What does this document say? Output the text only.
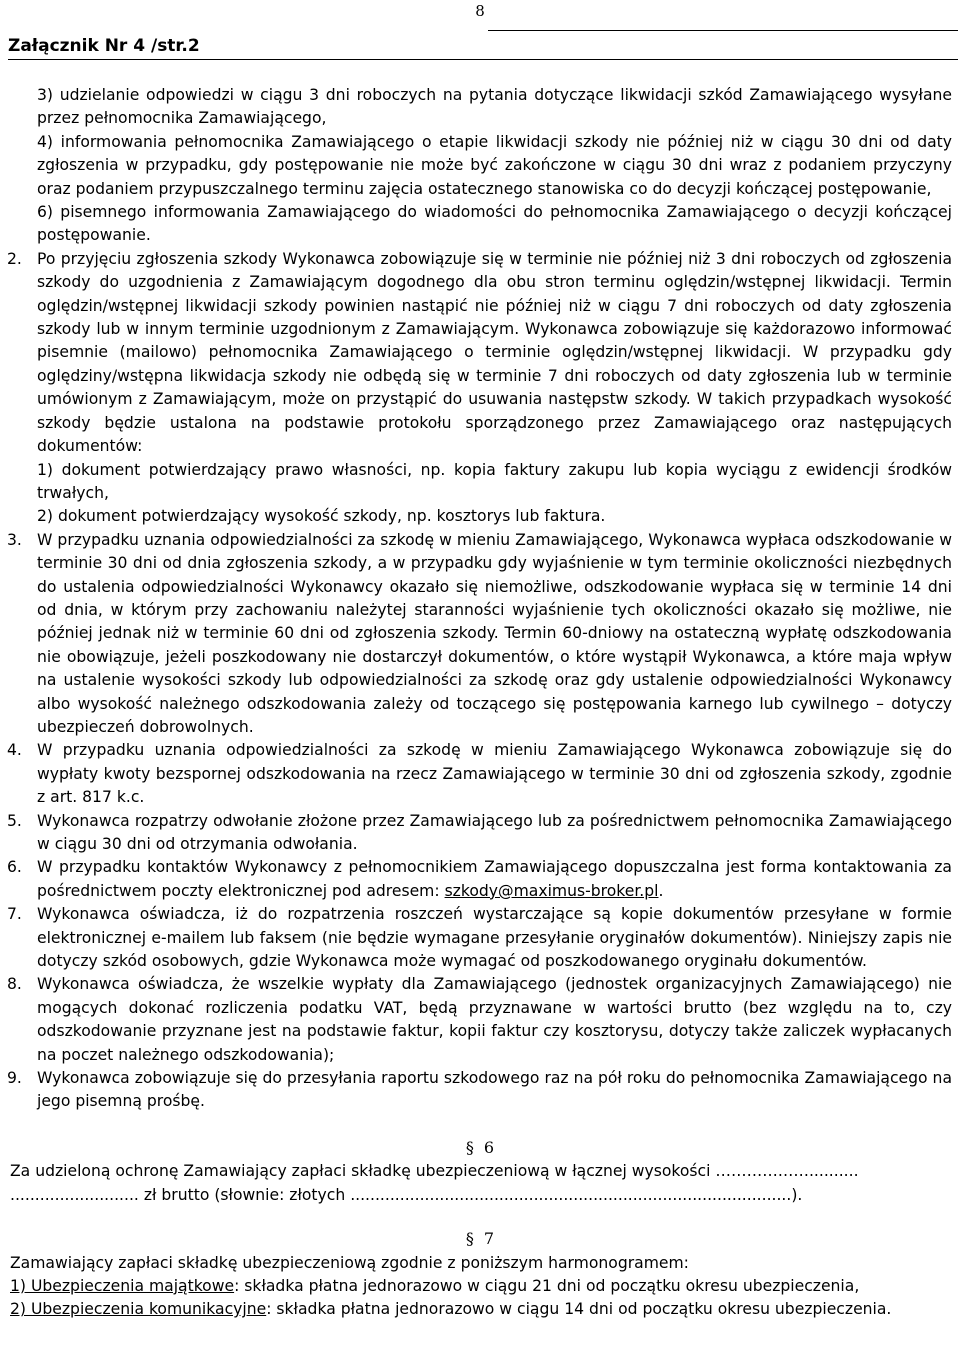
8
Załącznik Nr 4 /str.2
3) udzielanie odpowiedzi w ciągu 3 dni roboczych na pytania dotyczące likwidacji szkód Zamawiającego wysyłane przez pełnomocnika Zamawiającego,
4) informowania pełnomocnika Zamawiającego o etapie likwidacji szkody nie później niż w ciągu 30 dni od daty zgłoszenia w przypadku, gdy postępowanie nie może być zakończone w ciągu 30 dni wraz z podaniem przyczyny oraz podaniem przypuszczalnego terminu zajęcia ostatecznego stanowiska co do decyzji kończącej postępowanie,
6) pisemnego informowania Zamawiającego do wiadomości do pełnomocnika Zamawiającego o decyzji kończącej postępowanie.
2. Po przyjęciu zgłoszenia szkody Wykonawca zobowiązuje się w terminie nie później niż 3 dni roboczych od zgłoszenia szkody do uzgodnienia z Zamawiającym dogodnego dla obu stron terminu oględzin/wstępnej likwidacji. Termin oględzin/wstępnej likwidacji szkody powinien nastąpić nie później niż w ciągu 7 dni roboczych od daty zgłoszenia szkody lub w innym terminie uzgodnionym z Zamawiającym. Wykonawca zobowiązuje się każdorazowo informować pisemnie (mailowo) pełnomocnika Zamawiającego o terminie oględzin/wstępnej likwidacji. W przypadku gdy oględziny/wstępna likwidacja szkody nie odbędą się w terminie 7 dni roboczych od daty zgłoszenia lub w terminie umówionym z Zamawiającym, może on przystąpić do usuwania następstw szkody. W takich przypadkach wysokość szkody będzie ustalona na podstawie protokołu sporządzonego przez Zamawiającego oraz następujących dokumentów:
1) dokument potwierdzający prawo własności, np. kopia faktury zakupu lub kopia wyciągu z ewidencji środków trwałych,
2) dokument potwierdzający wysokość szkody, np. kosztorys lub faktura.
3. W przypadku uznania odpowiedzialności za szkodę w mieniu Zamawiającego, Wykonawca wypłaca odszkodowanie w terminie 30 dni od dnia zgłoszenia szkody, a w przypadku gdy wyjaśnienie w tym terminie okoliczności niezbędnych do ustalenia odpowiedzialności Wykonawcy okazało się niemożliwe, odszkodowanie wypłaca się w terminie 14 dni od dnia, w którym przy zachowaniu należytej staranności wyjaśnienie tych okoliczności okazało się możliwe, nie później jednak niż w terminie 60 dni od zgłoszenia szkody. Termin 60-dniowy na ostateczną wypłatę odszkodowania nie obowiązuje, jeżeli poszkodowany nie dostarczył dokumentów, o które wystąpił Wykonawca, a które maja wpływ na ustalenie wysokości szkody lub odpowiedzialności za szkodę oraz gdy ustalenie odpowiedzialności Wykonawcy albo wysokość należnego odszkodowania zależy od toczącego się postępowania karnego lub cywilnego – dotyczy ubezpieczeń dobrowolnych.
4. W przypadku uznania odpowiedzialności za szkodę w mieniu Zamawiającego Wykonawca zobowiązuje się do wypłaty kwoty bezspornej odszkodowania na rzecz Zamawiającego w terminie 30 dni od zgłoszenia szkody, zgodnie z art. 817 k.c.
5. Wykonawca rozpatrzy odwołanie złożone przez Zamawiającego lub za pośrednictwem pełnomocnika Zamawiającego w ciągu 30 dni od otrzymania odwołania.
6. W przypadku kontaktów Wykonawcy z pełnomocnikiem Zamawiającego dopuszczalna jest forma kontaktowania za pośrednictwem poczty elektronicznej pod adresem: szkody@maximus-broker.pl.
7. Wykonawca oświadcza, iż do rozpatrzenia roszczeń wystarczające są kopie dokumentów przesyłane w formie elektronicznej e-mailem lub faksem (nie będzie wymagane przesyłanie oryginałów dokumentów). Niniejszy zapis nie dotyczy szkód osobowych, gdzie Wykonawca może wymagać od poszkodowanego oryginału dokumentów.
8. Wykonawca oświadcza, że wszelkie wypłaty dla Zamawiającego (jednostek organizacyjnych Zamawiającego) nie mogących dokonać rozliczenia podatku VAT, będą przyznawane w wartości brutto (bez względu na to, czy odszkodowanie przyznane jest na podstawie faktur, kopii faktur czy kosztorysu, dotyczy także zaliczek wypłacanych na poczet należnego odszkodowania);
9. Wykonawca zobowiązuje się do przesyłania raportu szkodowego raz na pół roku do pełnomocnika Zamawiającego na jego pisemną prośbę.
§ 6
Za udzieloną ochronę Zamawiający zapłaci składkę ubezpieczeniową w łącznej wysokości ………………..........
.......................... zł brutto (słownie: złotych .........................................................................................).
§ 7
Zamawiający zapłaci składkę ubezpieczeniową zgodnie z poniższym harmonogramem:
1) Ubezpieczenia majątkowe: składka płatna jednorazowo w ciągu 21 dni od początku okresu ubezpieczenia,
2) Ubezpieczenia komunikacyjne: składka płatna jednorazowo w ciągu 14 dni od początku okresu ubezpieczenia.
